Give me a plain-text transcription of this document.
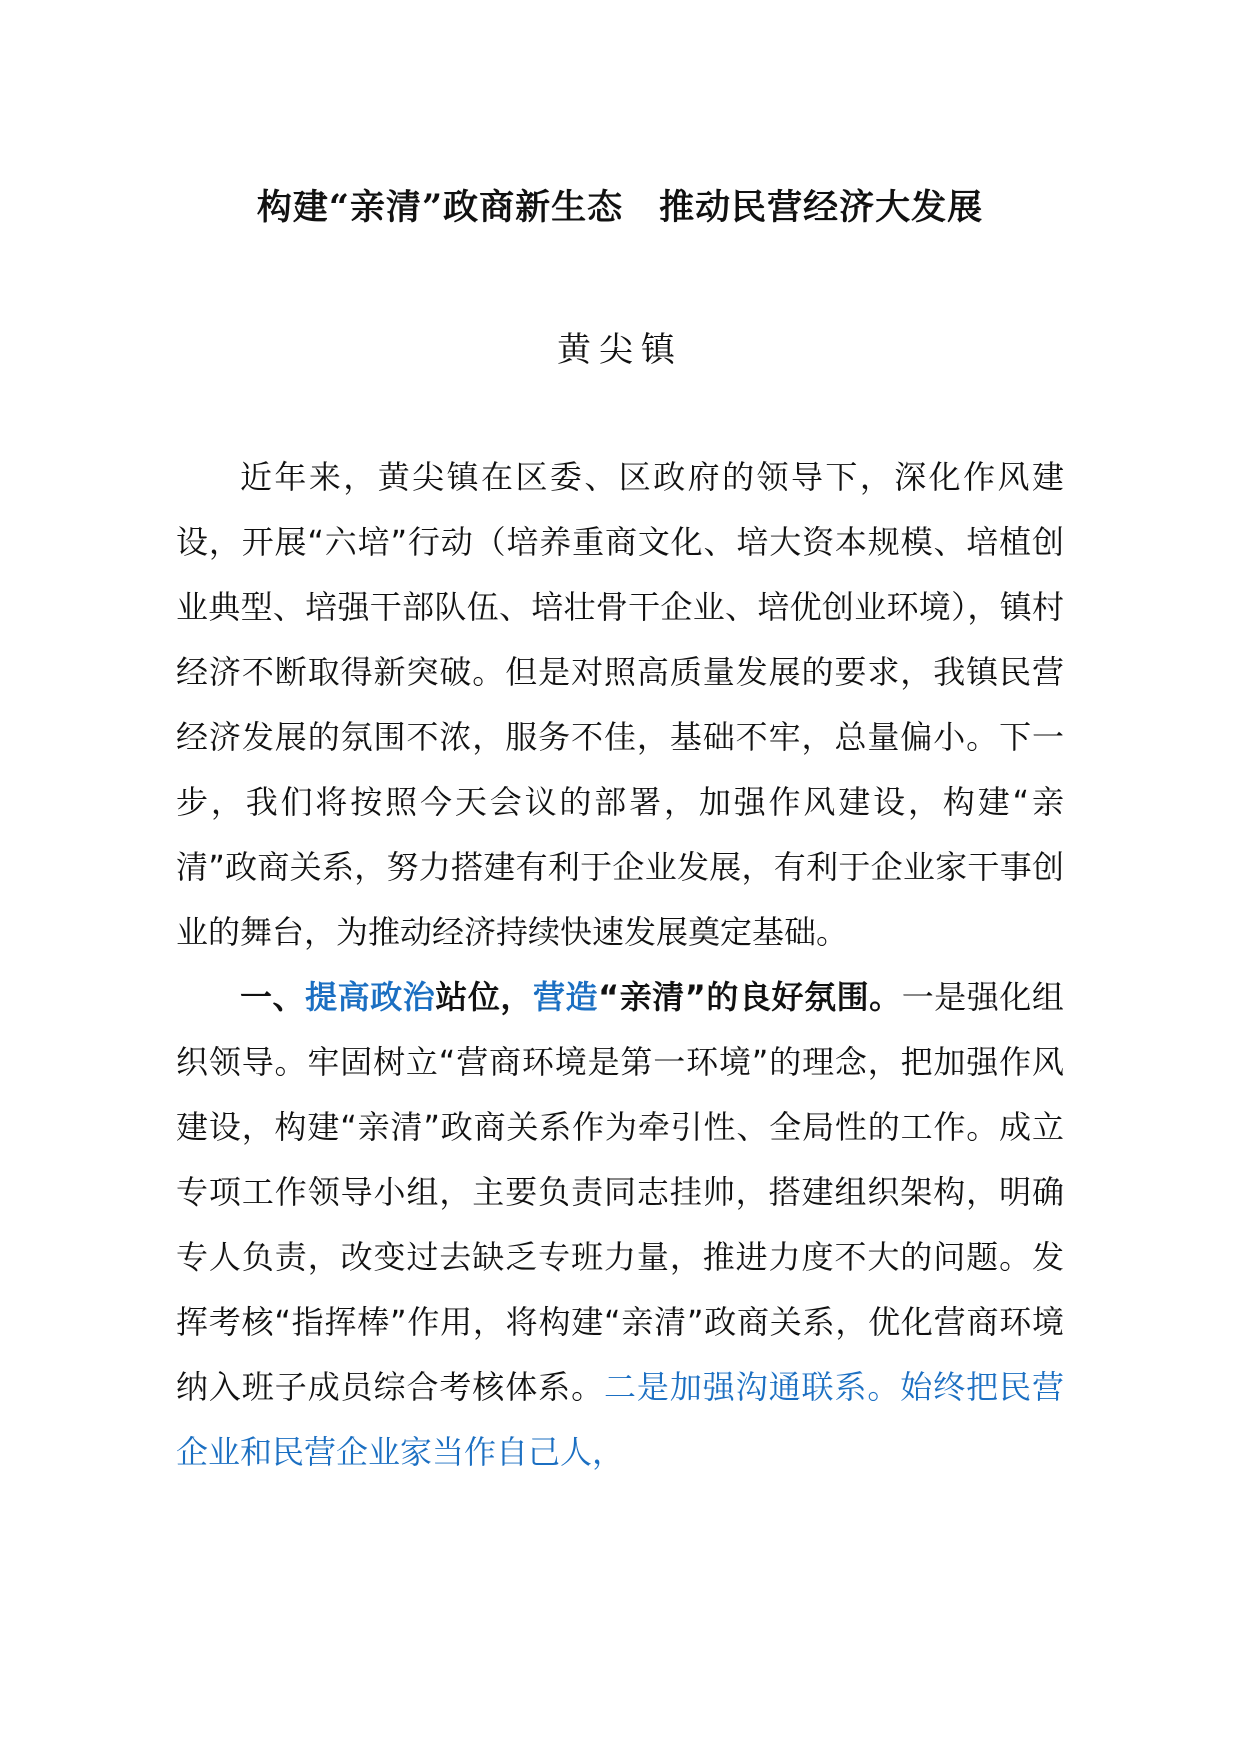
构建“亲清”政商新生态　推动民营经济大发展
黄尖镇

近年来，黄尖镇在区委、区政府的领导下，深化作风建设，开展“六培”行动（培养重商文化、培大资本规模、培植创业典型、培强干部队伍、培壮骨干企业、培优创业环境），镇村经济不断取得新突破。但是对照高质量发展的要求，我镇民营经济发展的氛围不浓，服务不佳，基础不牢，总量偏小。下一步，我们将按照今天会议的部署，加强作风建设，构建“亲清”政商关系，努力搭建有利于企业发展，有利于企业家干事创业的舞台，为推动经济持续快速发展奠定基础。

一、提高政治站位，营造“亲清”的良好氛围。一是强化组织领导。牢固树立“营商环境是第一环境”的理念，把加强作风建设，构建“亲清”政商关系作为牵引性、全局性的工作。成立专项工作领导小组，主要负责同志挂帅，搭建组织架构，明确专人负责，改变过去缺乏专班力量，推进力度不大的问题。发挥考核“指挥棒”作用，将构建“亲清”政商关系，优化营商环境纳入班子成员综合考核体系。二是加强沟通联系。始终把民营企业和民营企业家当作自己人，
